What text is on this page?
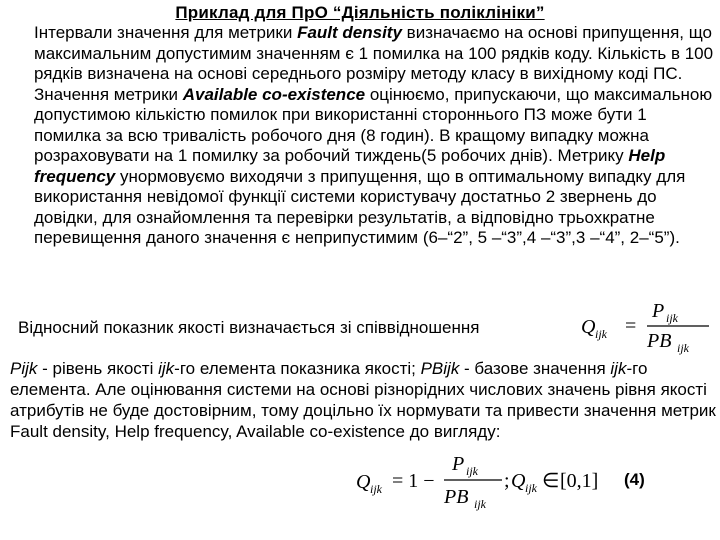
Приклад для ПрО “Діяльність поліклініки”
Інтервали значення для метрики Fault density визначаємо на основі припущення, що максимальним допустимим значенням є 1 помилка на 100 рядків коду. Кількість в 100 рядків визначена на основі середнього розміру методу класу в вихідному коді ПС. Значення метрики Available co-existence оцінюємо, припускаючи, що максимальною допустимою кількістю помилок при використанні стороннього ПЗ може бути 1 помилка за всю тривалість робочого дня (8 годин). В кращому випадку можна розраховувати на 1 помилку за робочий тиждень(5 робочих днів). Метрику Help frequency унормовуємо виходячи з припущення, що в оптимальному випадку для використання невідомої функції системи користувачу достатньо 2 звернень до довідки, для ознайомлення та перевірки результатів, а відповідно трьохкратне перевищення даного значення є неприпустимим (6–“2”, 5 –“3”,4 –“3”,3 –“4”, 2–“5”).
Відносний показник якості визначається зі співвідношення	Q ijk =
P ijk
PB ijk
Pijk - рівень якості ijk-го елемента показника якості; PBijk - базове значення ijk-го елемента. Але оцінювання системи на основі різнорідних числових значень рівня якості атрибутів не буде достовірним, тому доцільно їх нормувати та привести значення метрик Fault density, Help frequency, Available co-existence до вигляду:
Q ijk = 1 −
P ijk
PB ijk
; Q ijk ∈ [0,1] (4)
